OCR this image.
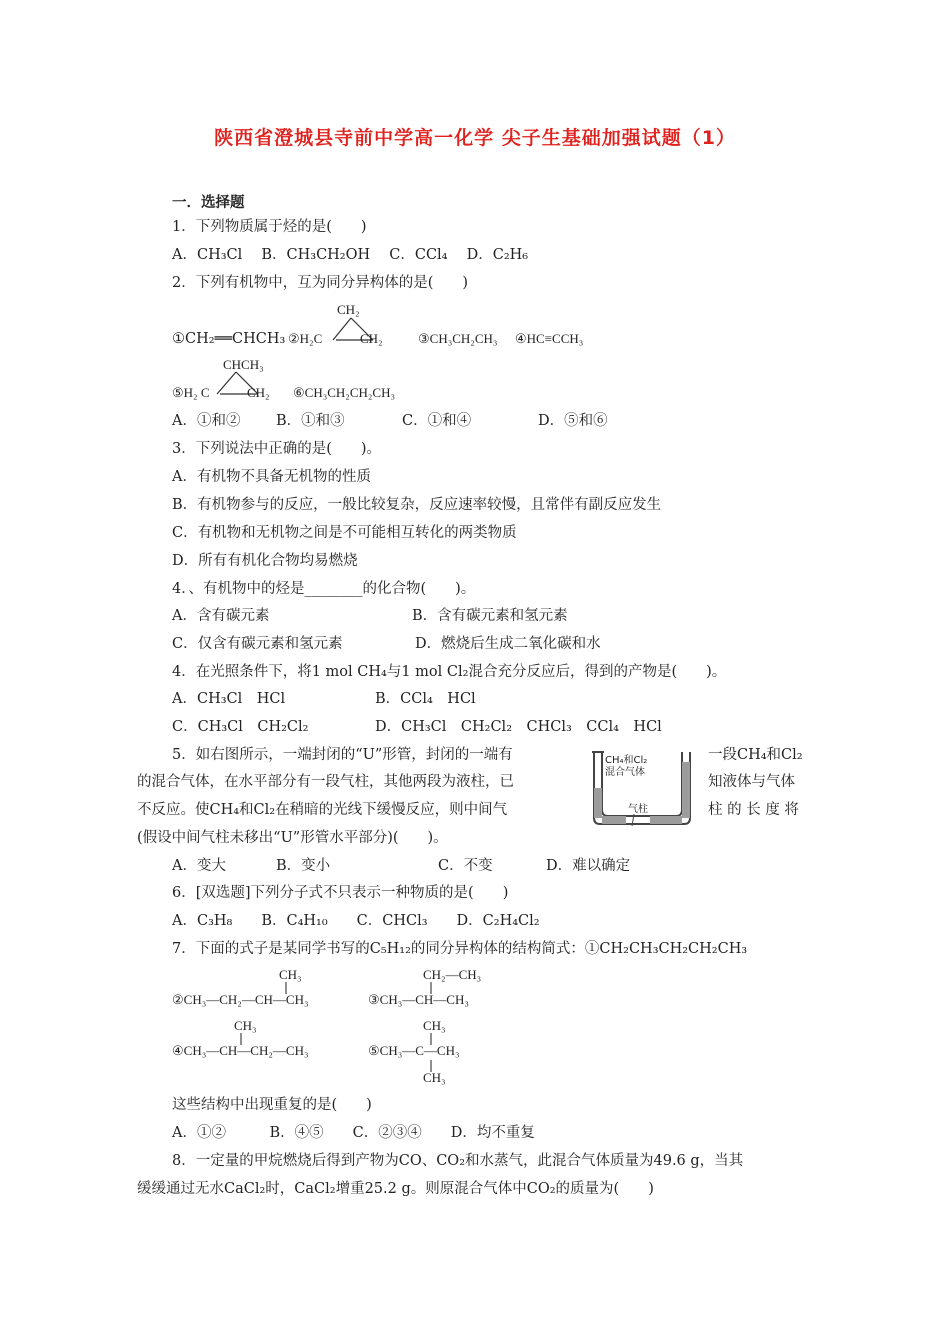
陕西省澄城县寺前中学高一化学 尖子生基础加强试题（1）
一．选择题
1．下列物质属于烃的是(　　)
A．CH₃Cl　 B．CH₃CH₂OH　 C．CCl₄　 D．C₂H₆
2．下列有机物中，互为同分异构体的是(　　)
CH₂
①CH₂══CHCH₃ ②H₂C	CH₂	③CH₃CH₂CH₃ ④HC≡CCH₃
CHCH₃
⑤H₂ C	CH₂ ⑥CH₃CH₂CH₂CH₃
A．①和② B．①和③	C．①和④	D．⑤和⑥
3．下列说法中正确的是(　　)。
A．有机物不具备无机物的性质
B．有机物参与的反应，一般比较复杂，反应速率较慢，且常伴有副反应发生
C．有机物和无机物之间是不可能相互转化的两类物质
D．所有有机化合物均易燃烧
4．、有机物中的烃是________的化合物(　　)。
A．含有碳元素	B．含有碳元素和氢元素
C．仅含有碳元素和氢元素	D．燃烧后生成二氧化碳和水
4．在光照条件下，将1 mol CH₄与1 mol Cl₂混合充分反应后，得到的产物是(　　)。
A．CH₃Cl　HCl	B．CCl₄　HCl
C．CH₃Cl　CH₂Cl₂	D．CH₃Cl　CH₂Cl₂　CHCl₃　CCl₄　HCl
5．如右图所示，一端封闭的“U”形管，封闭的一端有	一段CH₄和Cl₂
的混合气体，在水平部分有一段气柱，其他两段为液柱，已	知液体与气体
不反应。使CH₄和Cl₂在稍暗的光线下缓慢反应，则中间气	柱 的 长 度 将
(假设中间气柱未移出“U”形管水平部分)(　　)。
CH₄和Cl₂
混合气体
气柱
A．变大	B．变小	C．不变	D．难以确定
6．[双选题]下列分子式不只表示一种物质的是(　　)
A．C₃H₈　　B．C₄H₁₀　　C．CHCl₃　　D．C₂H₄Cl₂
7．下面的式子是某同学书写的C₅H₁₂的同分异构体的结构简式：①CH₂CH₃CH₂CH₂CH₃
CH₃
②CH₃—CH₂—CH—CH₃
CH₂—CH₃
③CH₃—CH—CH₃
CH₃
④CH₃—CH—CH₂—CH₃
CH₃
⑤CH₃—C—CH₃
CH₃
这些结构中出现重复的是(　　)
A．①②　　　B．④⑤　　C．②③④　　D．均不重复
8．一定量的甲烷燃烧后得到产物为CO、CO₂和水蒸气，此混合气体质量为49.6 g，当其
缓缓通过无水CaCl₂时，CaCl₂增重25.2 g。则原混合气体中CO₂的质量为(　　)
